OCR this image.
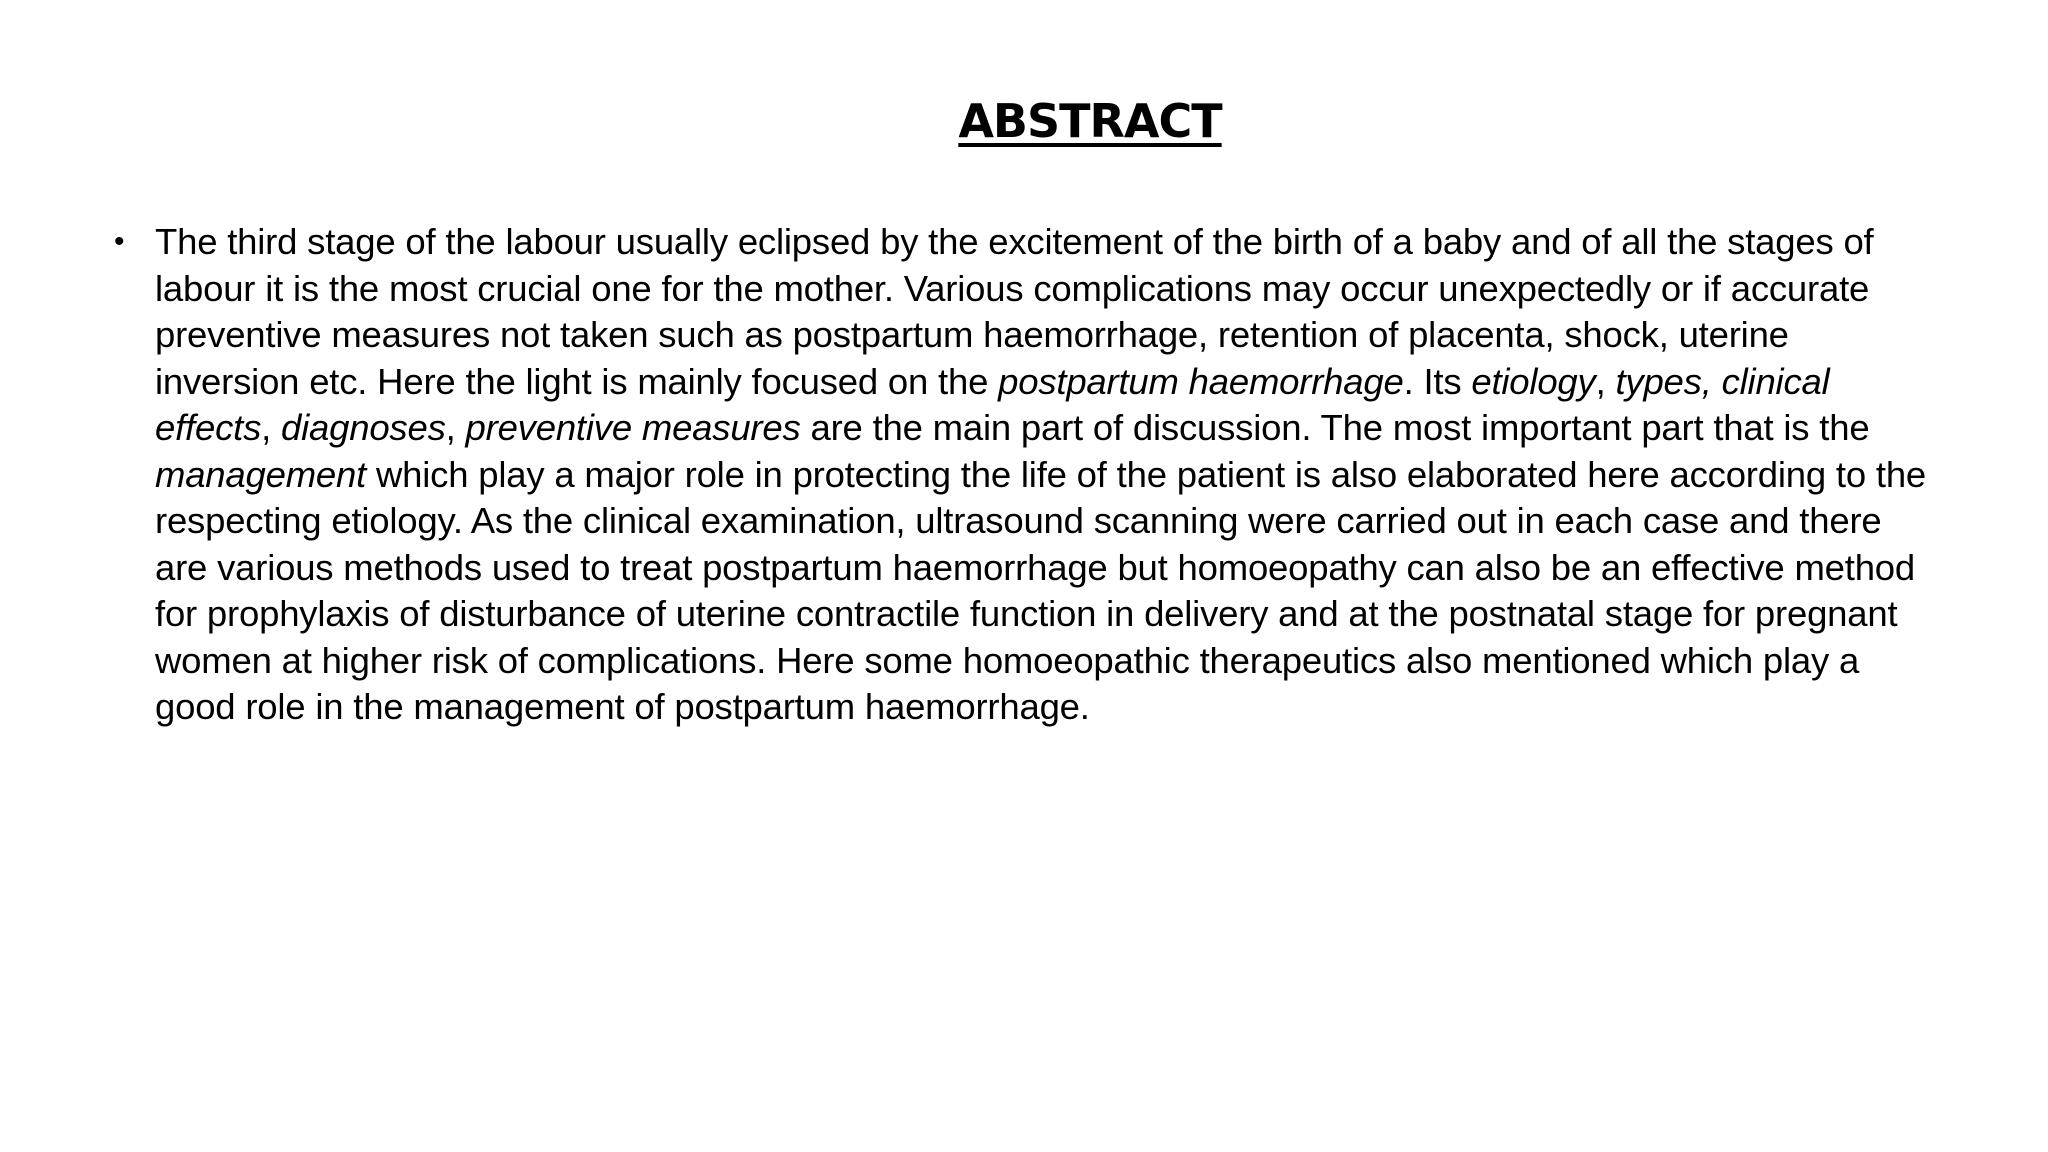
ABSTRACT
• The third stage of the labour usually eclipsed by the excitement of the birth of a baby and of all the stages of labour it is the most crucial one for the mother. Various complications may occur unexpectedly or if accurate preventive measures not taken such as postpartum haemorrhage, retention of placenta, shock, uterine inversion etc. Here the light is mainly focused on the postpartum haemorrhage. Its etiology, types, clinical effects, diagnoses, preventive measures are the main part of discussion. The most important part that is the management which play a major role in protecting the life of the patient is also elaborated here according to the respecting etiology. As the clinical examination, ultrasound scanning were carried out in each case and there are various methods used to treat postpartum haemorrhage but homoeopathy can also be an effective method for prophylaxis of disturbance of uterine contractile function in delivery and at the postnatal stage for pregnant women at higher risk of complications. Here some homoeopathic therapeutics also mentioned which play a good role in the management of postpartum haemorrhage.
